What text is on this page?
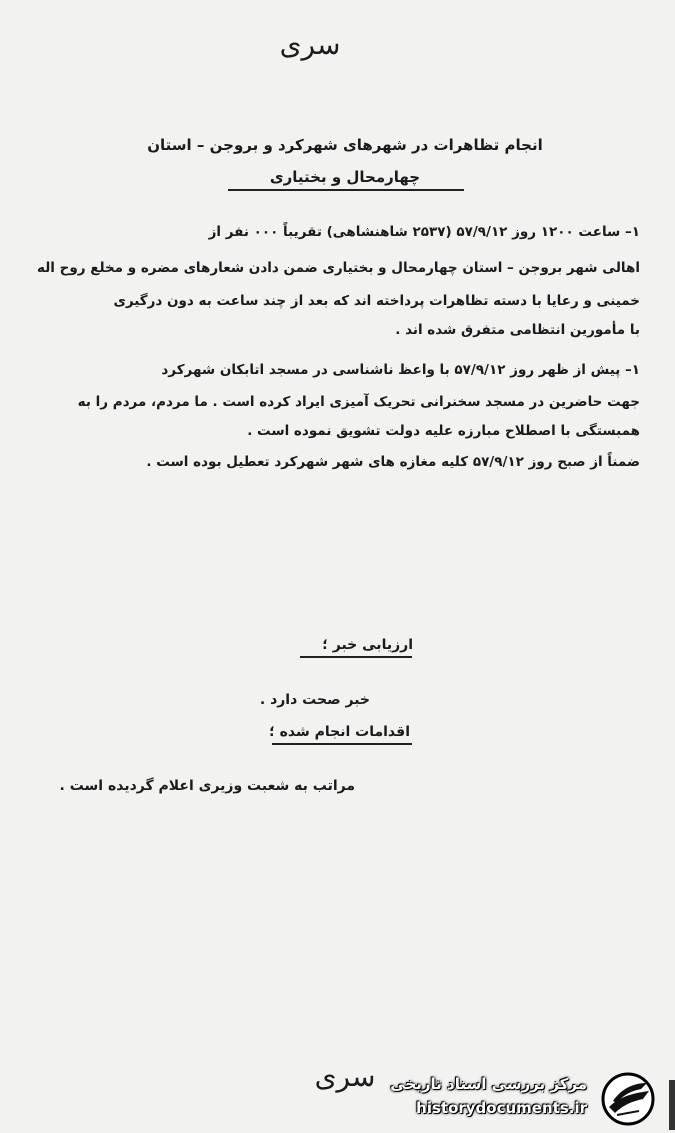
سری
انجام تظاهرات در شهرهای شهرکرد و بروجن – استان
چهارمحال و بختیاری
۱– ساعت ۱۲۰۰ روز ۵۷/۹/۱۲ (۲۵۳۷ شاهنشاهی) تقریباً ۰۰۰ نفر از
اهالی شهر بروجن – استان چهارمحال و بختیاری ضمن دادن شعارهای مضره و مخلع روح اله
خمینی و رعایا با دسته تظاهرات پرداخته اند که بعد از چند ساعت به دون درگیری
با مأمورین انتظامی متفرق شده اند .
۱– پیش از ظهر روز ۵۷/۹/۱۲ با واعظ ناشناسی در مسجد اتابکان شهرکرد
جهت حاضرین در مسجد سخنرانی تحریک آمیزی ایراد کرده است . ما مردم، مردم را به
همبستگی با اصطلاح مبارزه علیه دولت تشویق نموده است .
ضمناً از صبح روز ۵۷/۹/۱۲ کلیه مغازه های شهر شهرکرد تعطیل بوده است .
ارزیابی خبر ؛
خبر صحت دارد .
اقدامات انجام شده ؛
مراتب به شعبت وزیری اعلام گردیده است .
سری مرکز بررسی اسناد تاریخی
historydocuments.ir
